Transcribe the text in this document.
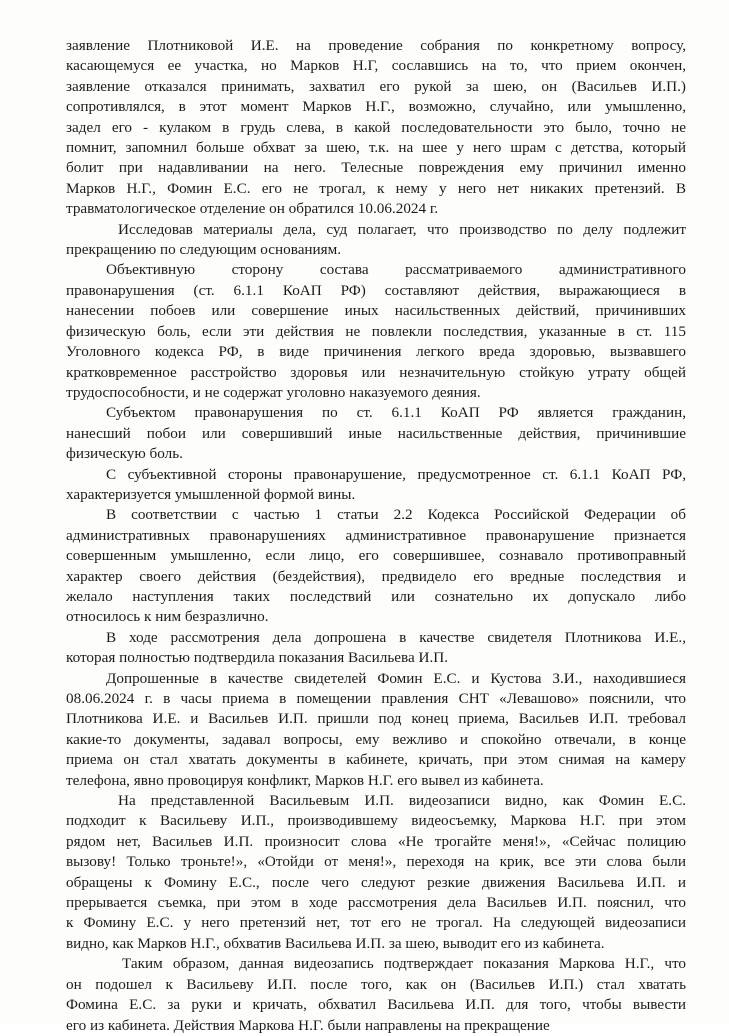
заявление Плотниковой И.Е. на проведение собрания по конкретному вопросу,
касающемуся ее участка, но Марков Н.Г, сославшись на то, что прием окончен,
заявление отказался принимать, захватил его рукой за шею, он (Васильев И.П.)
сопротивлялся, в этот момент Марков Н.Г., возможно, случайно, или умышленно,
задел его - кулаком в грудь слева, в какой последовательности это было, точно не
помнит, запомнил больше обхват за шею, т.к. на шее у него шрам с детства, который
болит при надавливании на него. Телесные повреждения ему причинил именно
Марков Н.Г., Фомин Е.С. его не трогал, к нему у него нет никаких претензий. В
травматологическое отделение он обратился 10.06.2024 г.
Исследовав материалы дела, суд полагает, что производство по делу подлежит
прекращению по следующим основаниям.
Объективную сторону состава рассматриваемого административного
правонарушения (ст. 6.1.1 КоАП РФ) составляют действия, выражающиеся в
нанесении побоев или совершение иных насильственных действий, причинивших
физическую боль, если эти действия не повлекли последствия, указанные в ст. 115
Уголовного кодекса РФ, в виде причинения легкого вреда здоровью, вызвавшего
кратковременное расстройство здоровья или незначительную стойкую утрату общей
трудоспособности, и не содержат уголовно наказуемого деяния.
Субъектом правонарушения по ст. 6.1.1 КоАП РФ является гражданин,
нанесший побои или совершивший иные насильственные действия, причинившие
физическую боль.
С субъективной стороны правонарушение, предусмотренное ст. 6.1.1 КоАП РФ,
характеризуется умышленной формой вины.
В соответствии с частью 1 статьи 2.2 Кодекса Российской Федерации об
административных правонарушениях административное правонарушение признается
совершенным умышленно, если лицо, его совершившее, сознавало противоправный
характер своего действия (бездействия), предвидело его вредные последствия и
желало наступления таких последствий или сознательно их допускало либо
относилось к ним безразлично.
В ходе рассмотрения дела допрошена в качестве свидетеля Плотникова И.Е.,
которая полностью подтвердила показания Васильева И.П.
Допрошенные в качестве свидетелей Фомин Е.С. и Кустова З.И., находившиеся
08.06.2024 г. в часы приема в помещении правления СНТ «Левашово» пояснили, что
Плотникова И.Е. и Васильев И.П. пришли под конец приема, Васильев И.П. требовал
какие-то документы, задавал вопросы, ему вежливо и спокойно отвечали, в конце
приема он стал хватать документы в кабинете, кричать, при этом снимая на камеру
телефона, явно провоцируя конфликт, Марков Н.Г. его вывел из кабинета.
На представленной Васильевым И.П. видеозаписи видно, как Фомин Е.С.
подходит к Васильеву И.П., производившему видеосъемку, Маркова Н.Г. при этом
рядом нет, Васильев И.П. произносит слова «Не трогайте меня!», «Сейчас полицию
вызову! Только троньте!», «Отойди от меня!», переходя на крик, все эти слова были
обращены к Фомину Е.С., после чего следуют резкие движения Васильева И.П. и
прерывается съемка, при этом в ходе рассмотрения дела Васильев И.П. пояснил, что
к Фомину Е.С. у него претензий нет, тот его не трогал. На следующей видеозаписи
видно, как Марков Н.Г., обхватив Васильева И.П. за шею, выводит его из кабинета.
Таким образом, данная видеозапись подтверждает показания Маркова Н.Г., что
он подошел к Васильеву И.П. после того, как он (Васильев И.П.) стал хватать
Фомина Е.С. за руки и кричать, обхватил Васильева И.П. для того, чтобы вывести
его из кабинета. Действия Маркова Н.Г. были направлены на прекращение
